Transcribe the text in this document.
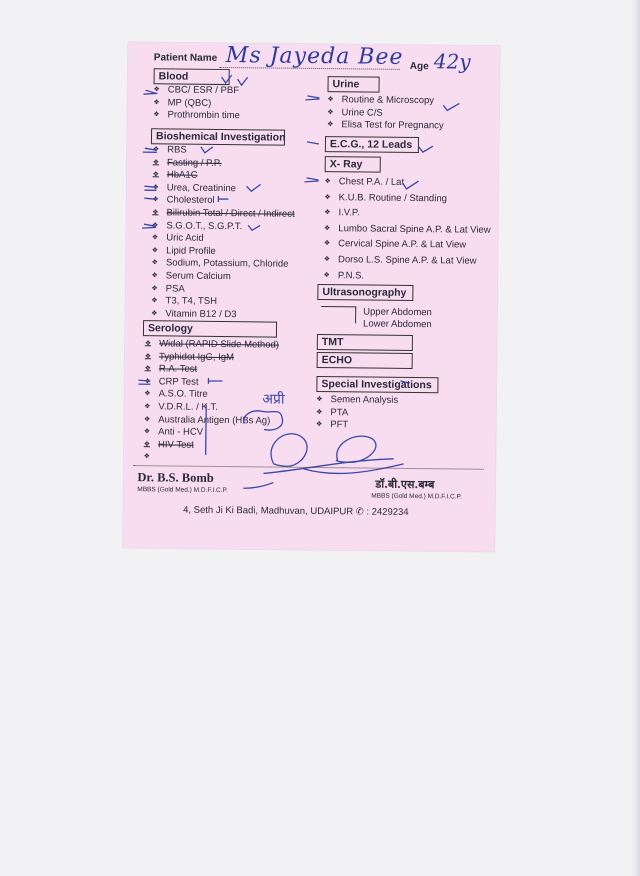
Patient Name Ms Jayeda Bee Age 42y
Blood
❖ CBC/ ESR / PBF
❖ MP (QBC)
❖ Prothrombin time
Bioshemical Investigation
❖ RBS
❖ Fasting / P.P.
❖ HbA1C
❖ Urea, Creatinine
❖ Cholesterol
❖ Bilirubin Total / Direct / Indirect
❖ S.G.O.T., S.G.P.T.
❖ Uric Acid
❖ Lipid Profile
❖ Sodium, Potassium, Chloride
❖ Serum Calcium
❖ PSA
❖ T3, T4, TSH
❖ Vitamin B12 / D3
Serology
❖ Widal (RAPID Slide Method)
❖ Typhidot IgG, IgM
❖ R.A. Test
❖ CRP Test
❖ A.S.O. Titre
❖ V.D.R.L. / K.T.
❖ Australia Antigen (HBs Ag)
❖ Anti - HCV
❖ HIV Test
❖
Urine
❖ Routine & Microscopy
❖ Urine C/S
❖ Elisa Test for Pregnancy
E.C.G., 12 Leads
X- Ray
❖ Chest P.A. / Lat
❖ K.U.B. Routine / Standing
❖ I.V.P.
❖ Lumbo Sacral Spine A.P. & Lat View
❖ Cervical Spine A.P. & Lat View
❖ Dorso L.S. Spine A.P. & Lat View
❖ P.N.S.
Ultrasonography
Upper Abdomen
Lower Abdomen
TMT
ECHO
Special Investigations
❖ Semen Analysis
❖ PTA
❖ PFT
अप्री
Dr. B.S. Bomb
MBBS (Gold Med.) M.D.F.I.C.P.	डॉ.बी.एस.बम्ब
MBBS (Gold Med.) M.D.F.I.C.P.
4, Seth Ji Ki Badi, Madhuvan, UDAIPUR ✆ : 2429234
